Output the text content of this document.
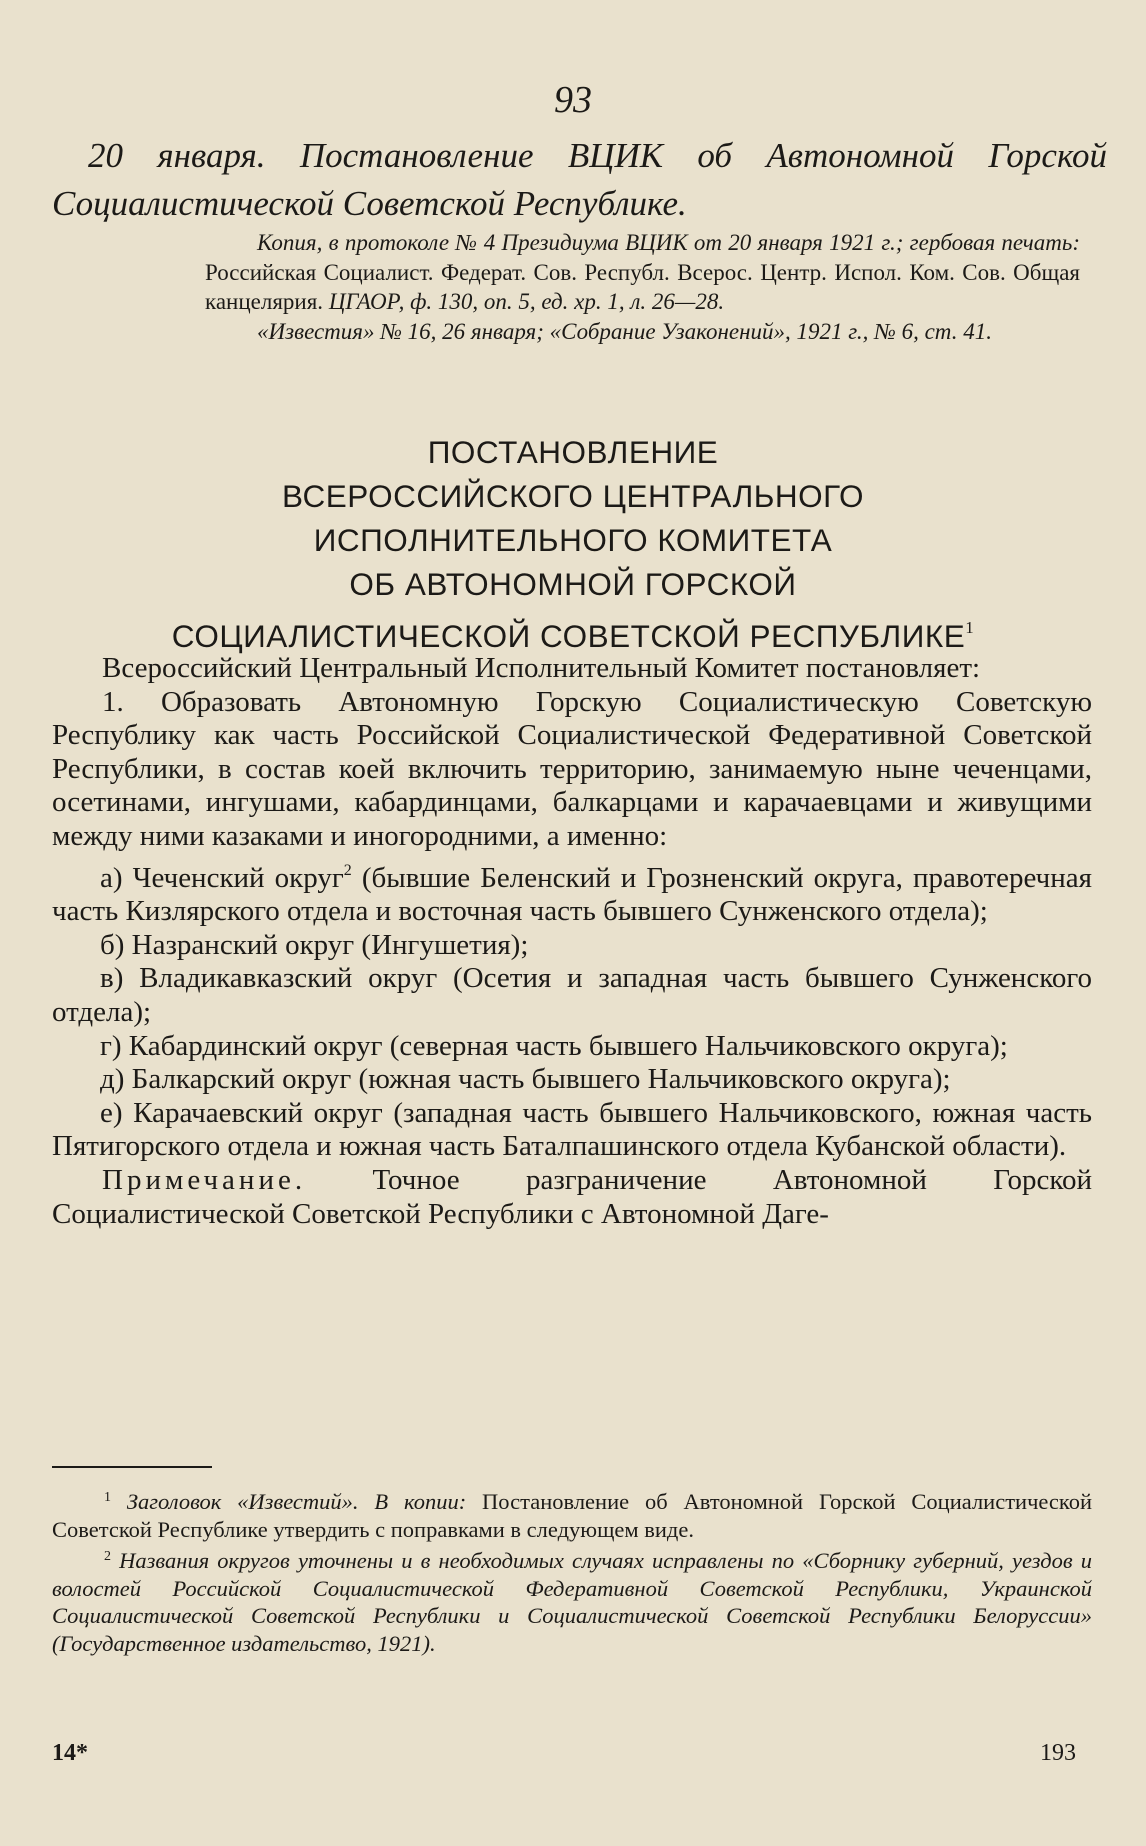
93
20 января. Постановление ВЦИК об Автономной Горской Социалистической Советской Республике.

Копия, в протоколе № 4 Президиума ВЦИК от 20 января 1921 г.; гербовая печать: Российская Социалист. Федерат. Сов. Республ. Всерос. Центр. Испол. Ком. Сов. Общая канцелярия. ЦГАОР, ф. 130, оп. 5, ед. хр. 1, л. 26—28.

«Известия» № 16, 26 января; «Собрание Узаконений», 1921 г., № 6, ст. 41.

ПОСТАНОВЛЕНИЕ
ВСЕРОССИЙСКОГО ЦЕНТРАЛЬНОГО
ИСПОЛНИТЕЛЬНОГО КОМИТЕТА
ОБ АВТОНОМНОЙ ГОРСКОЙ
СОЦИАЛИСТИЧЕСКОЙ СОВЕТСКОЙ РЕСПУБЛИКЕ$^1$

Всероссийский Центральный Исполнительный Комитет постановляет:

1. Образовать Автономную Горскую Социалистическую Советскую Республику как часть Российской Социалистической Федеративной Советской Республики, в состав коей включить территорию, занимаемую ныне чеченцами, осетинами, ингушами, кабардинцами, балкарцами и карачаевцами и живущими между ними казаками и иногородними, а именно:

а) Чеченский округ$^2$ (бывшие Беленский и Грозненский округа, правотеречная часть Кизлярского отдела и восточная часть бывшего Сунженского отдела);

б) Назранский округ (Ингушетия);

в) Владикавказский округ (Осетия и западная часть бывшего Сунженского отдела);

г) Кабардинский округ (северная часть бывшего Нальчиковского округа);

д) Балкарский округ (южная часть бывшего Нальчиковского округа);

е) Карачаевский округ (западная часть бывшего Нальчиковского, южная часть Пятигорского отдела и южная часть Баталпашинского отдела Кубанской области).

Примечание. Точное разграничение Автономной Горской Социалистической Советской Республики с Автономной Даге-

$^1$ Заголовок «Известий». В копии: Постановление об Автономной Горской Социалистической Советской Республике утвердить с поправками в следующем виде.

$^2$ Названия округов уточнены и в необходимых случаях исправлены по «Сборнику губерний, уездов и волостей Российской Социалистической Федеративной Советской Республики, Украинской Социалистической Советской Республики и Социалистической Советской Республики Белоруссии» (Государственное издательство, 1921).

14*	193
